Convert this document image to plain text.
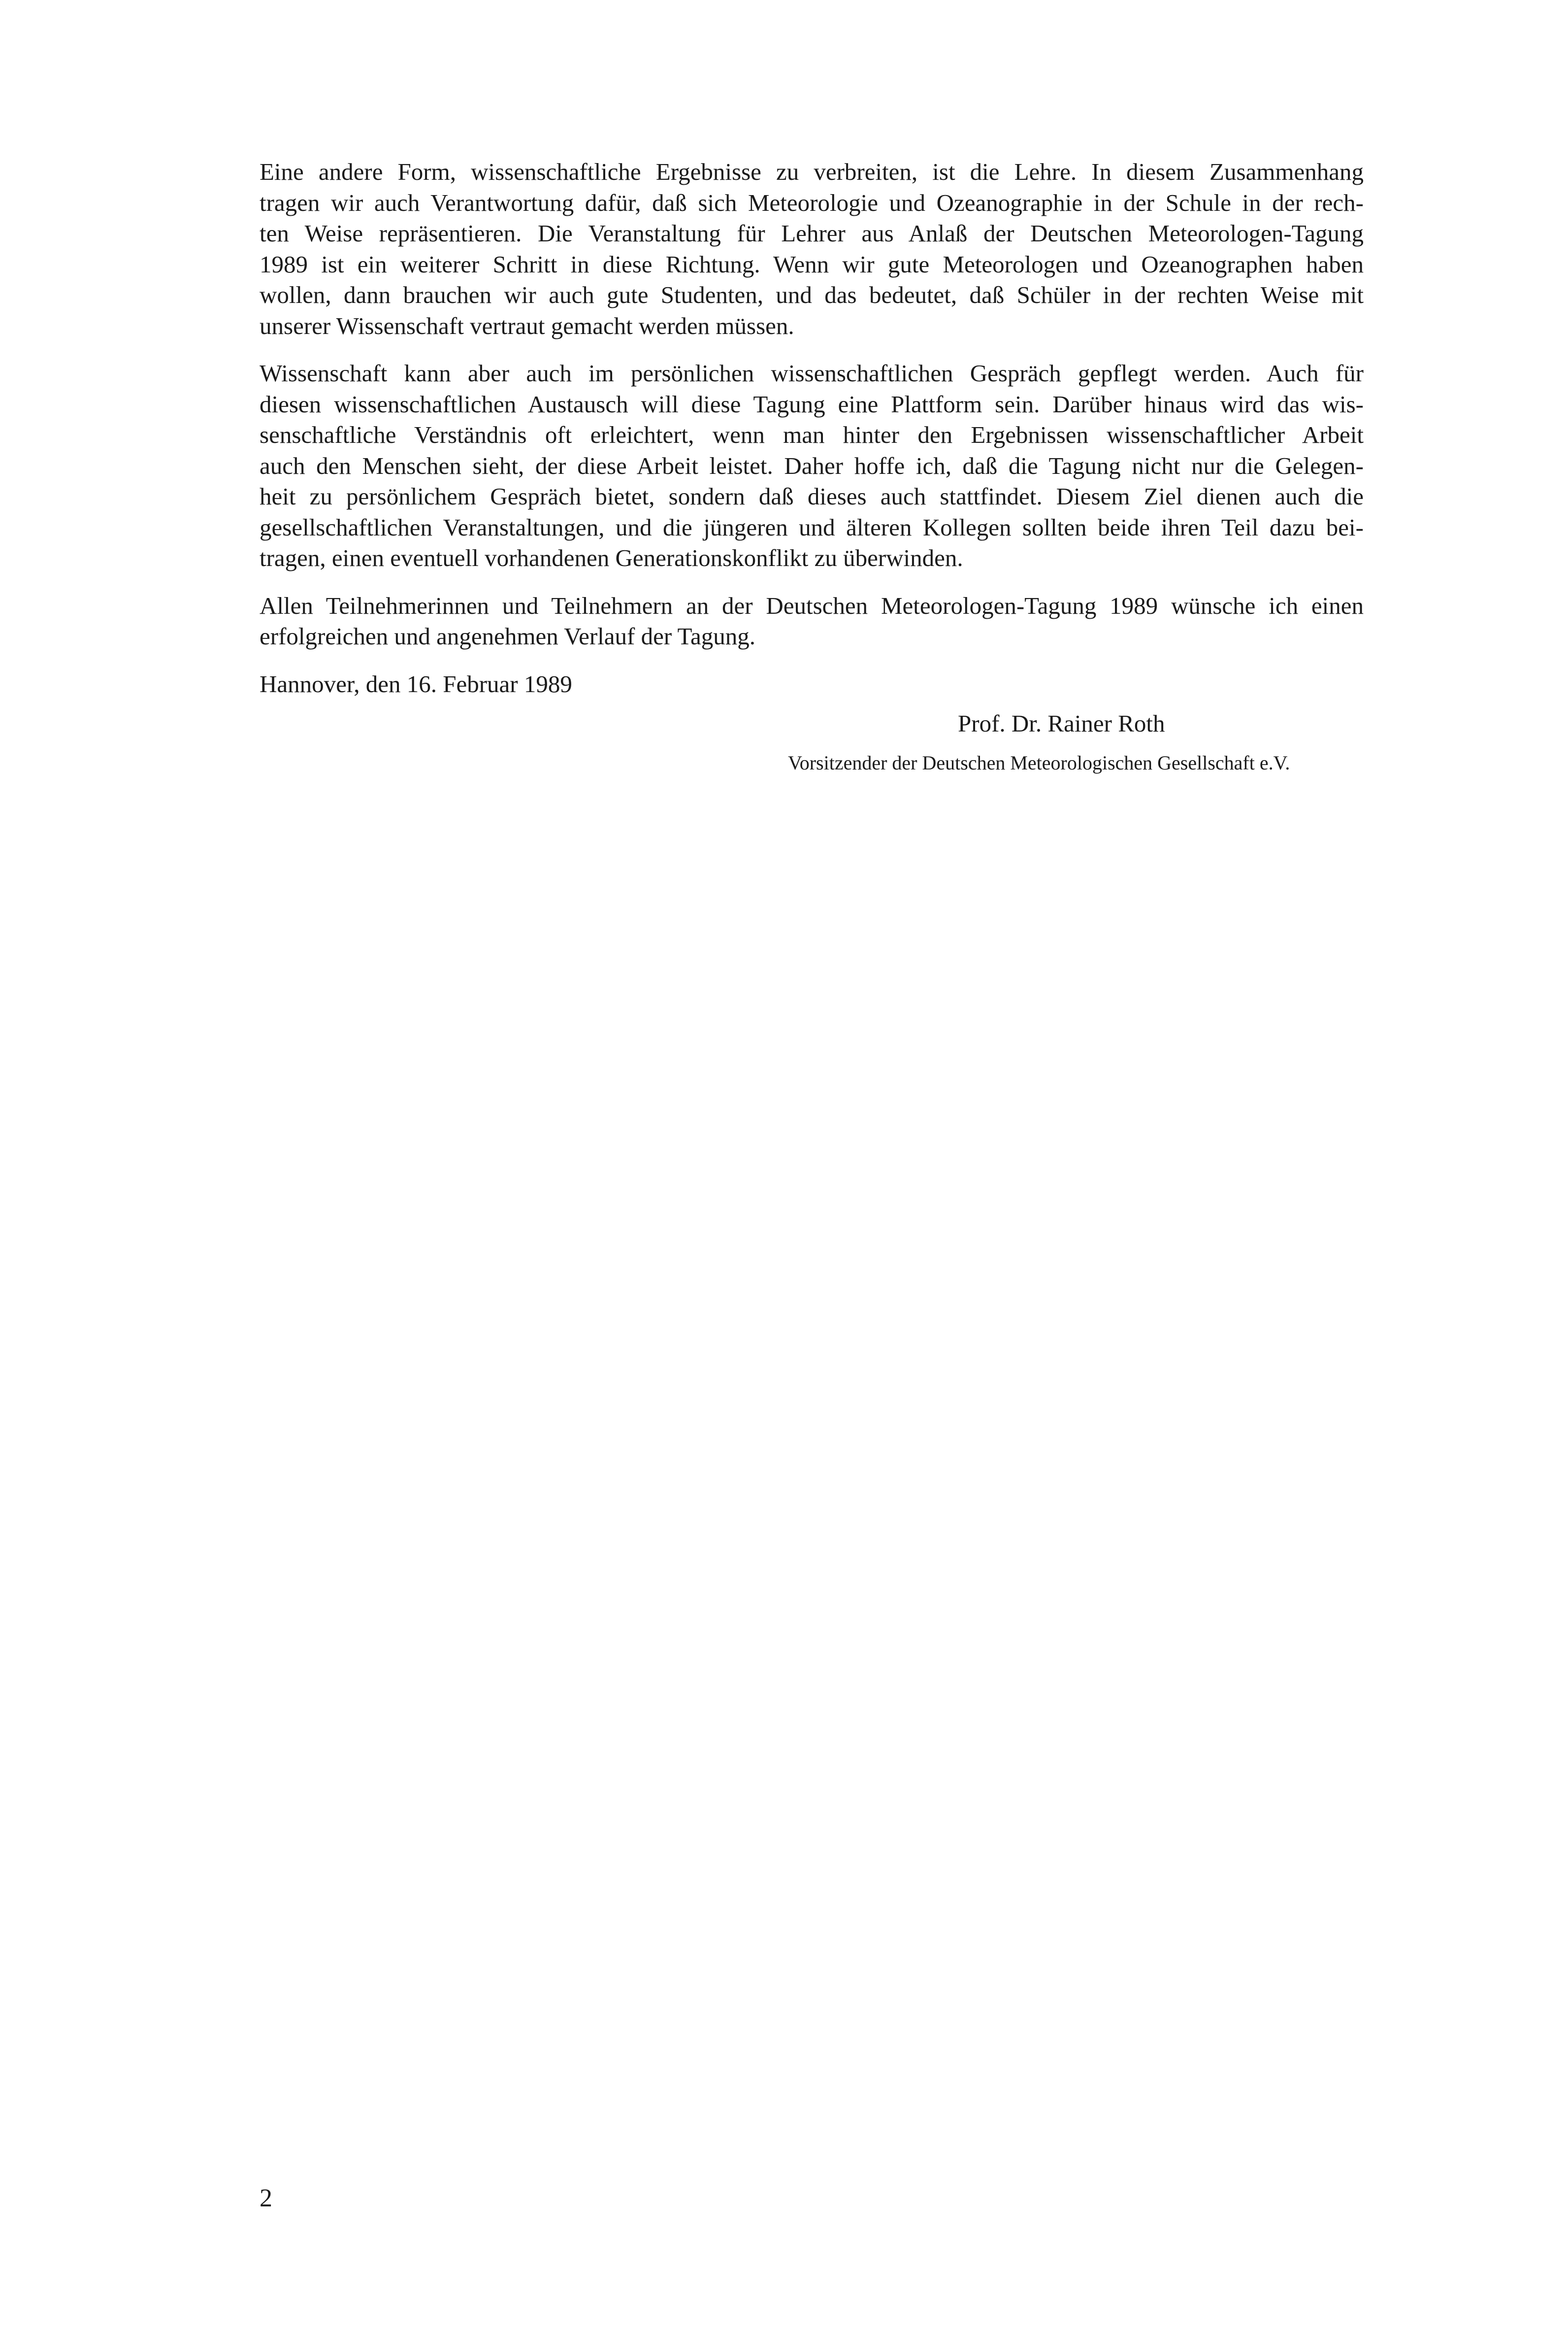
Eine andere Form, wissenschaftliche Ergebnisse zu verbreiten, ist die Lehre. In diesem Zusammenhang
tragen wir auch Verantwortung dafür, daß sich Meteorologie und Ozeanographie in der Schule in der rech-
ten Weise repräsentieren. Die Veranstaltung für Lehrer aus Anlaß der Deutschen Meteorologen-Tagung
1989 ist ein weiterer Schritt in diese Richtung. Wenn wir gute Meteorologen und Ozeanographen haben
wollen, dann brauchen wir auch gute Studenten, und das bedeutet, daß Schüler in der rechten Weise mit
unserer Wissenschaft vertraut gemacht werden müssen.

Wissenschaft kann aber auch im persönlichen wissenschaftlichen Gespräch gepflegt werden. Auch für
diesen wissenschaftlichen Austausch will diese Tagung eine Plattform sein. Darüber hinaus wird das wis-
senschaftliche Verständnis oft erleichtert, wenn man hinter den Ergebnissen wissenschaftlicher Arbeit
auch den Menschen sieht, der diese Arbeit leistet. Daher hoffe ich, daß die Tagung nicht nur die Gelegen-
heit zu persönlichem Gespräch bietet, sondern daß dieses auch stattfindet. Diesem Ziel dienen auch die
gesellschaftlichen Veranstaltungen, und die jüngeren und älteren Kollegen sollten beide ihren Teil dazu bei-
tragen, einen eventuell vorhandenen Generationskonflikt zu überwinden.

Allen Teilnehmerinnen und Teilnehmern an der Deutschen Meteorologen-Tagung 1989 wünsche ich einen
erfolgreichen und angenehmen Verlauf der Tagung.

Hannover, den 16. Februar 1989

Prof. Dr. Rainer Roth
Vorsitzender der Deutschen Meteorologischen Gesellschaft e.V.
2
